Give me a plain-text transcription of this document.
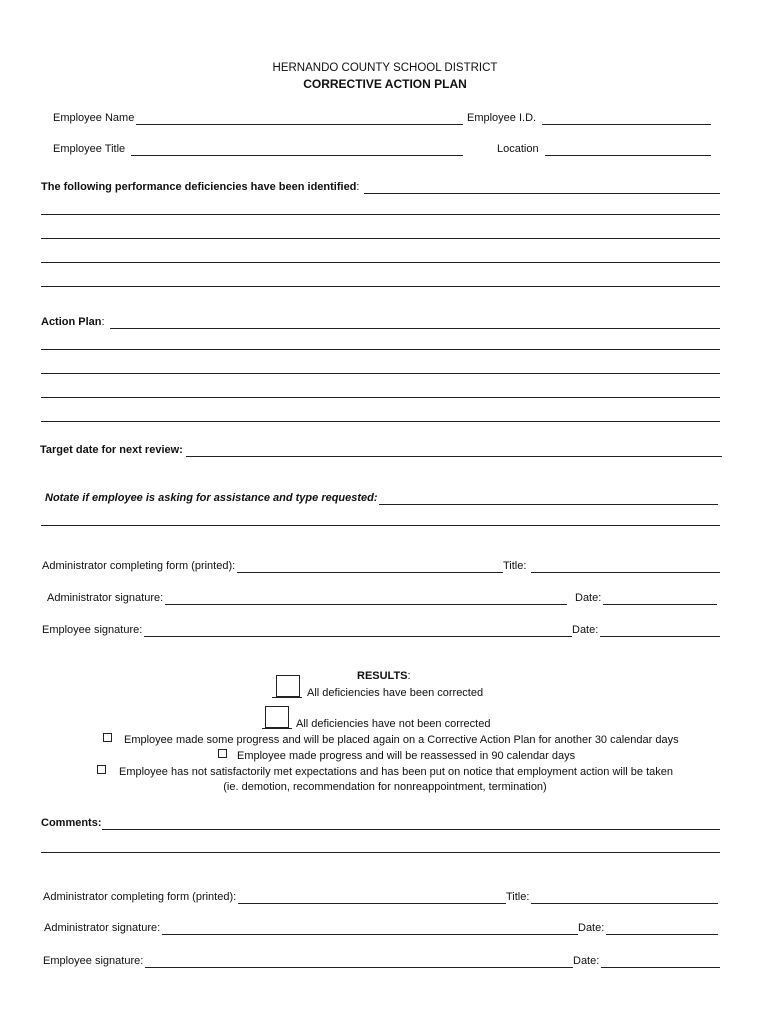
HERNANDO COUNTY SCHOOL DISTRICT
CORRECTIVE ACTION PLAN
Employee Name	Employee I.D.
Employee Title	Location
The following performance deficiencies have been identified :
Action Plan :
Target date for next review:
Notate if employee is asking for assistance and type requested:
Administrator completing form (printed):	Title:
Administrator signature:	Date:
Employee signature:	Date:
RESULTS:
All deficiencies have been corrected
All deficiencies have not been corrected
Employee made some progress and will be placed again on a Corrective Action Plan for another 30 calendar days
Employee made progress and will be reassessed in 90 calendar days
Employee has not satisfactorily met expectations and has been put on notice that employment action will be taken
(ie. demotion, recommendation for nonreappointment, termination)
Comments:
Administrator completing form (printed):	Title:
Administrator signature:	Date:
Employee signature:	Date:
